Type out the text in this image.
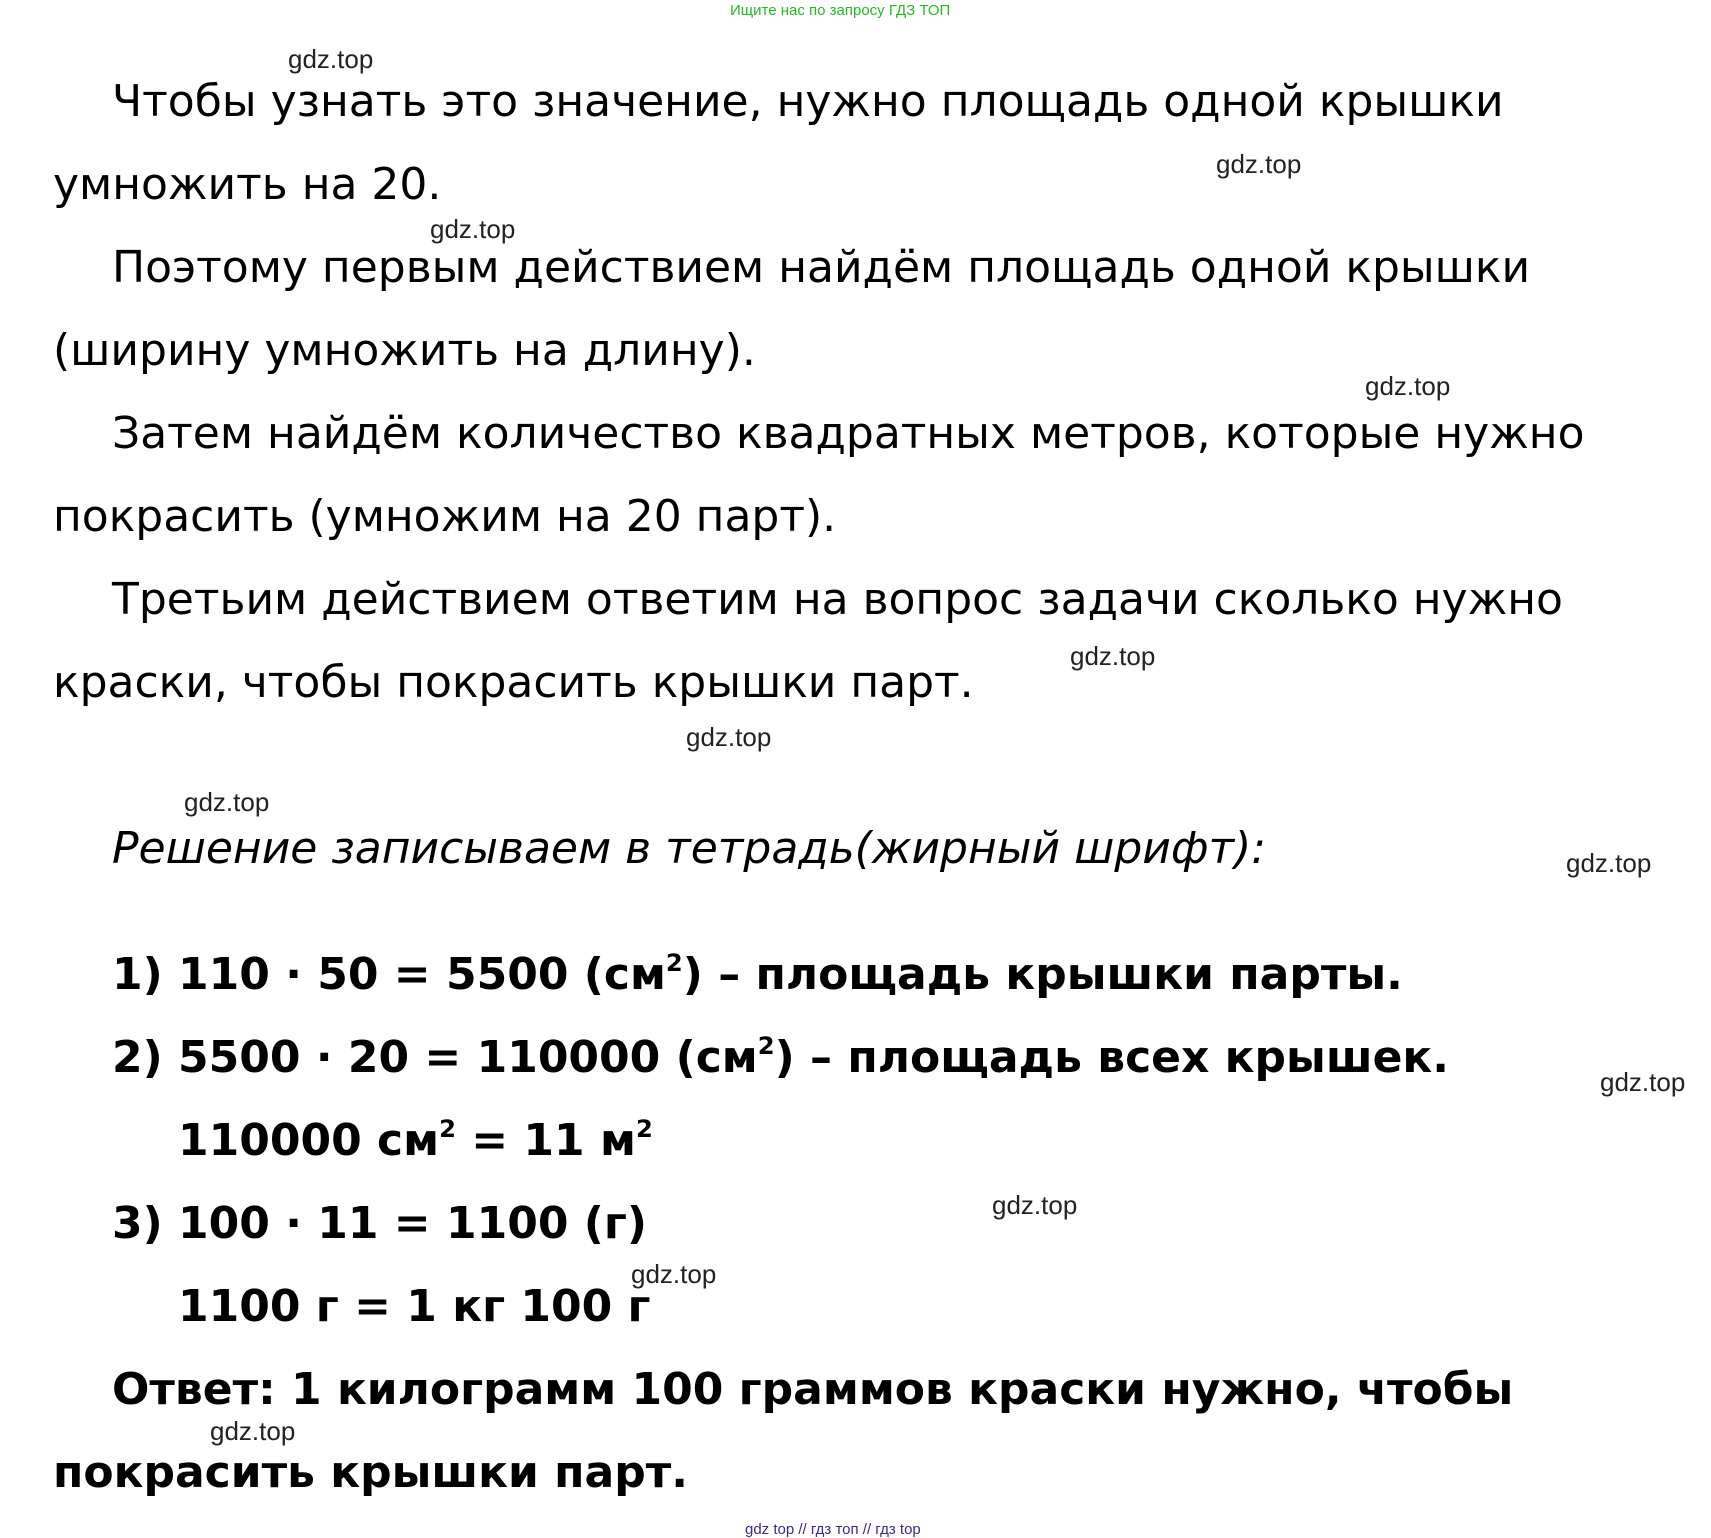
Ищите нас по запросу ГДЗ ТОП
Чтобы узнать это значение, нужно площадь одной крышки
умножить на 20.
Поэтому первым действием найдём площадь одной крышки
(ширину умножить на длину).
Затем найдём количество квадратных метров, которые нужно
покрасить (умножим на 20 парт).
Третьим действием ответим на вопрос задачи сколько нужно
краски, чтобы покрасить крышки парт.
Решение записываем в тетрадь(жирный шрифт):
1) 110 · 50 = 5500 $(см^2)$ – площадь крышки парты.
2) 5500 · 20 = 110000 $(см^2)$ – площадь всех крышек.
110000 $см^2 = 11$ $м^2$
3) 100 · 11 = 1100 (г)
1100 г = 1 кг 100 г
Ответ: 1 килограмм 100 граммов краски нужно, чтобы
покрасить крышки парт.
gdz.top
gdz.top
gdz.top
gdz.top
gdz.top
gdz.top
gdz.top
gdz.top
gdz.top
gdz.top
gdz.top
gdz.top
gdz top // гдз топ // гдз top
